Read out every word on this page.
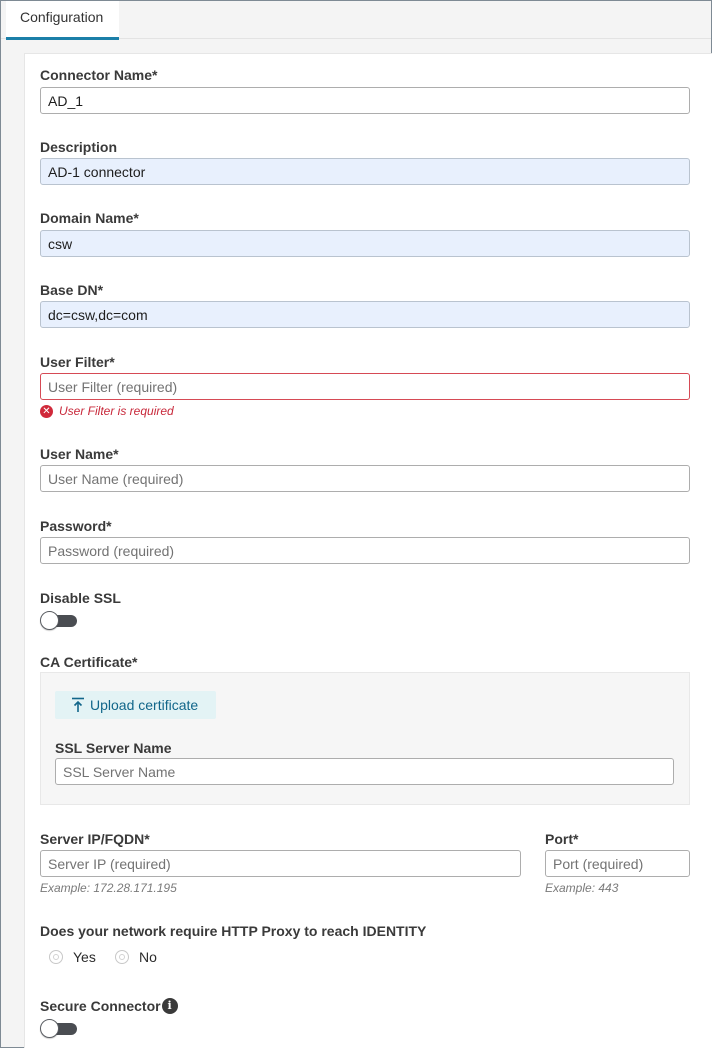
Configuration
Connector Name*
AD_1
Description
AD-1 connector
Domain Name*
csw
Base DN*
dc=csw,dc=com
User Filter*
User Filter (required)
✕ User Filter is required
User Name*
User Name (required)
Password*
Disable SSL
CA Certificate*
Upload certificate
SSL Server Name
SSL Server Name
Server IP/FQDN*
Server IP (required)
Example: 172.28.171.195
Port*
Port (required)
Example: 443
Does your network require HTTP Proxy to reach IDENTITY
Yes	No
Secure Connector i
